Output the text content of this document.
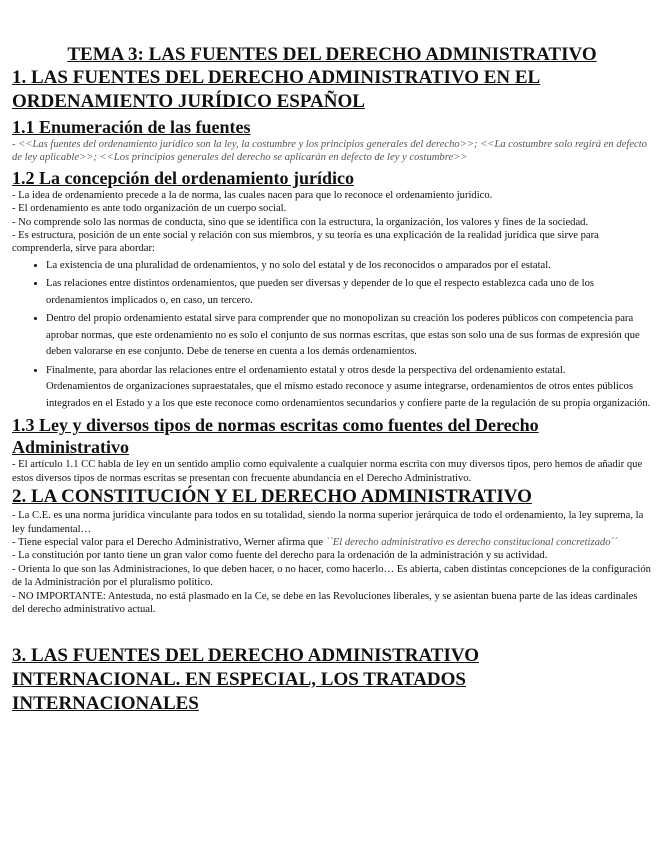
TEMA 3: LAS FUENTES DEL DERECHO ADMINISTRATIVO
1. LAS FUENTES DEL DERECHO ADMINISTRATIVO EN EL ORDENAMIENTO JURÍDICO ESPAÑOL
1.1 Enumeración de las fuentes

- <<Las fuentes del ordenamiento jurídico son la ley, la costumbre y los principios generales del derecho>>; <<La costumbre solo regirá en defecto de ley aplicable>>; <<Los principios generales del derecho se aplicarán en defecto de ley y costumbre>>

1.2 La concepción del ordenamiento jurídico

- La idea de ordenamiento precede a la de norma, las cuales nacen para que lo reconoce el ordenamiento jurídico.

- El ordenamiento es ante todo organización de un cuerpo social.

- No comprende solo las normas de conducta, sino que se identifica con la estructura, la organización, los valores y fines de la sociedad.

- Es estructura, posición de un ente social y relación con sus miembros, y su teoría es una explicación de la realidad jurídica que sirve para comprenderla, sirve para abordar:

• La existencia de una pluralidad de ordenamientos, y no solo del estatal y de los reconocidos o amparados por el estatal.
• Las relaciones entre distintos ordenamientos, que pueden ser diversas y depender de lo que el respecto establezca cada uno de los ordenamientos implicados o, en caso, un tercero.
• Dentro del propio ordenamiento estatal sirve para comprender que no monopolizan su creación los poderes públicos con competencia para aprobar normas, que este ordenamiento no es solo el conjunto de sus normas escritas, que estas son solo una de sus formas de expresión que deben valorarse en ese conjunto. Debe de tenerse en cuenta a los demás ordenamientos.
• Finalmente, para abordar las relaciones entre el ordenamiento estatal y otros desde la perspectiva del ordenamiento estatal.
Ordenamientos de organizaciones supraestatales, que el mismo estado reconoce y asume integrarse, ordenamientos de otros entes públicos integrados en el Estado y a los que este reconoce como ordenamientos secundarios y confiere parte de la regulación de su propia organización.
1.3 Ley y diversos tipos de normas escritas como fuentes del Derecho Administrativo

- El artículo 1.1 CC habla de ley en un sentido amplio como equivalente a cualquier norma escrita con muy diversos tipos, pero hemos de añadir que estos diversos tipos de normas escritas se presentan con frecuente abundancia en el Derecho Administrativo.

2. LA CONSTITUCIÓN Y EL DERECHO ADMINISTRATIVO

- La C.E. es una norma jurídica vinculante para todos en su totalidad, siendo la norma superior jerárquica de todo el ordenamiento, la ley suprema, la ley fundamental…

- Tiene especial valor para el Derecho Administrativo, Werner afirma que ``El derecho administrativo es derecho constitucional concretizado´´

- La constitución por tanto tiene un gran valor como fuente del derecho para la ordenación de la administración y su actividad.

- Orienta lo que son las Administraciones, lo que deben hacer, o no hacer, como hacerlo… Es abierta, caben distintas concepciones de la configuración de la Administración por el pluralismo político.

- NO IMPORTANTE: Antestuda, no está plasmado en la Ce, se debe en las Revoluciones liberales, y se asientan buena parte de las ideas cardinales del derecho administrativo actual.

3. LAS FUENTES DEL DERECHO ADMINISTRATIVO INTERNACIONAL. EN ESPECIAL, LOS TRATADOS INTERNACIONALES
